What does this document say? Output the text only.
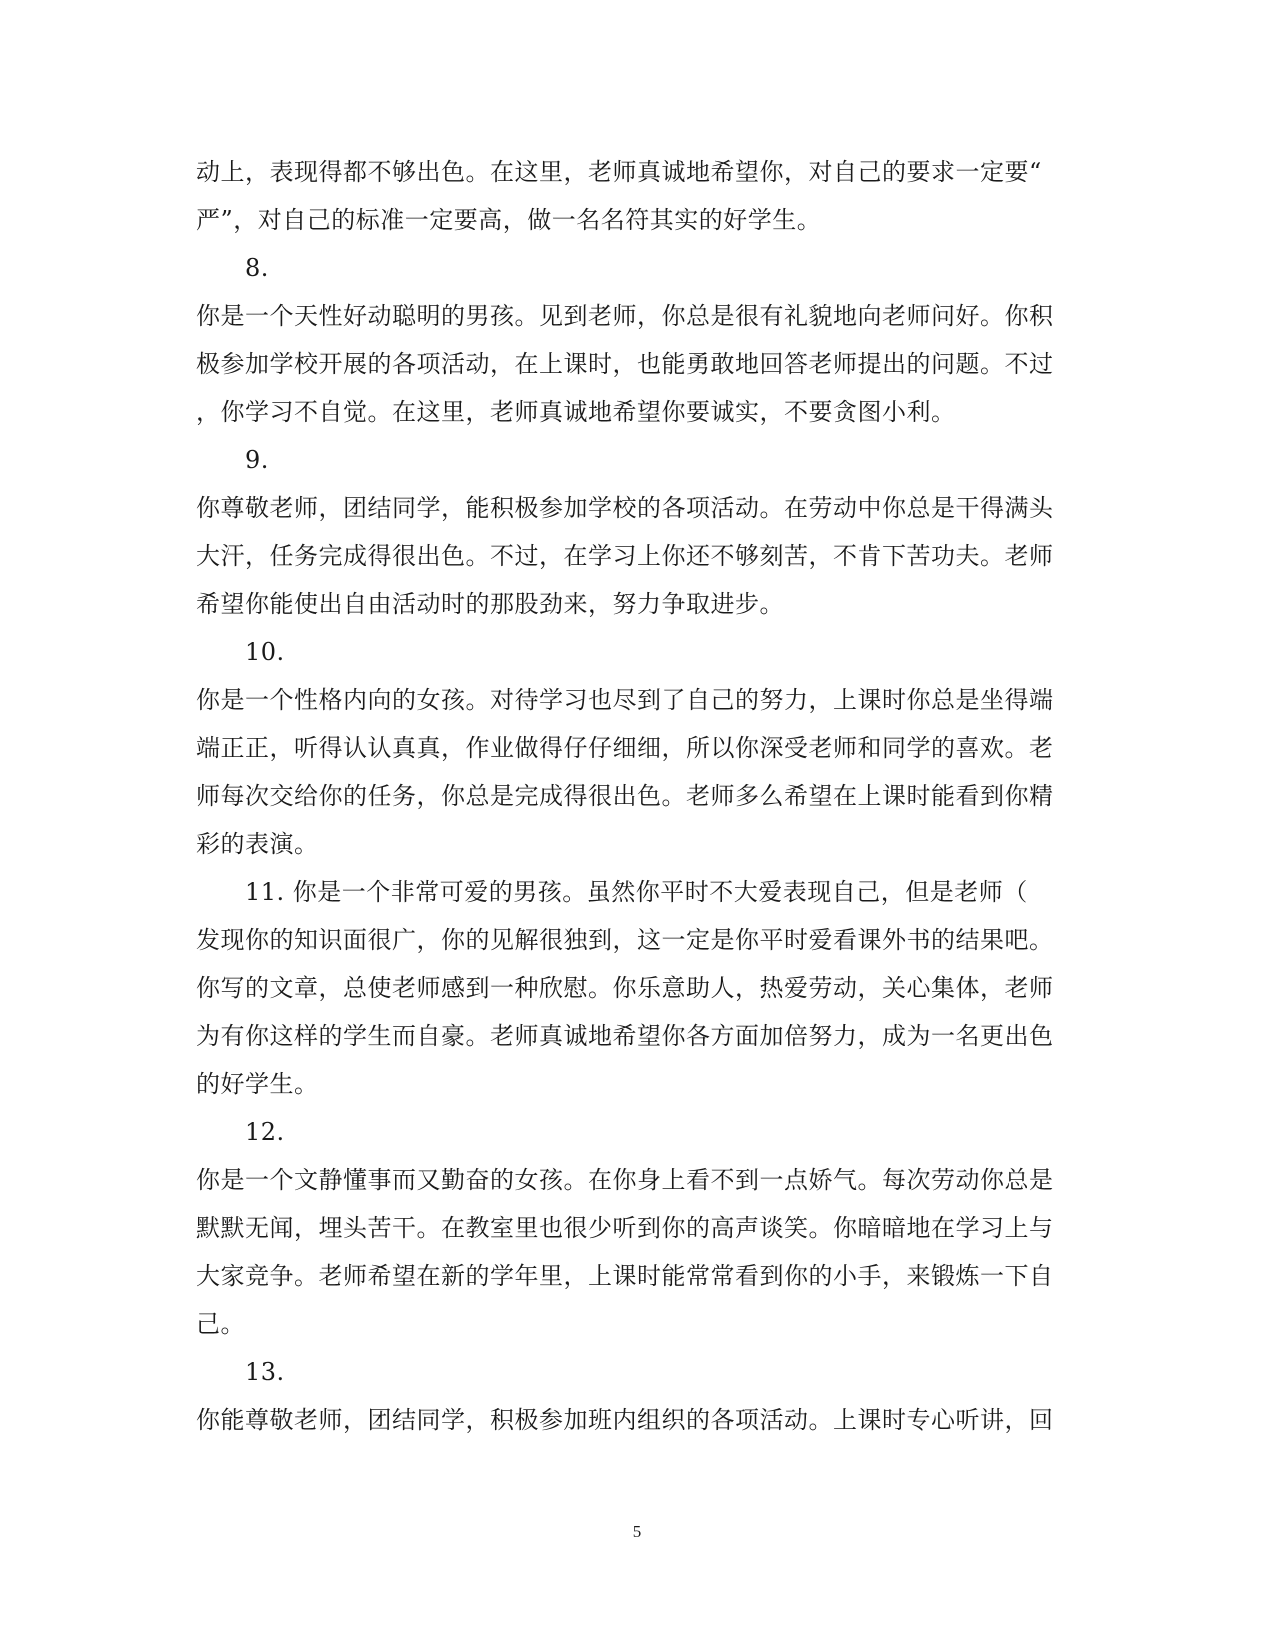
动上，表现得都不够出色。在这里，老师真诚地希望你，对自己的要求一定要“
严”，对自己的标准一定要高，做一名名符其实的好学生。
8.
你是一个天性好动聪明的男孩。见到老师，你总是很有礼貌地向老师问好。你积
极参加学校开展的各项活动，在上课时，也能勇敢地回答老师提出的问题。不过
，你学习不自觉。在这里，老师真诚地希望你要诚实，不要贪图小利。
9.
你尊敬老师，团结同学，能积极参加学校的各项活动。在劳动中你总是干得满头
大汗，任务完成得很出色。不过，在学习上你还不够刻苦，不肯下苦功夫。老师
希望你能使出自由活动时的那股劲来，努力争取进步。
10.
你是一个性格内向的女孩。对待学习也尽到了自己的努力，上课时你总是坐得端
端正正，听得认认真真，作业做得仔仔细细，所以你深受老师和同学的喜欢。老
师每次交给你的任务，你总是完成得很出色。老师多么希望在上课时能看到你精
彩的表演。
11. 你是一个非常可爱的男孩。虽然你平时不大爱表现自己，但是老师（
发现你的知识面很广，你的见解很独到，这一定是你平时爱看课外书的结果吧。
你写的文章，总使老师感到一种欣慰。你乐意助人，热爱劳动，关心集体，老师
为有你这样的学生而自豪。老师真诚地希望你各方面加倍努力，成为一名更出色
的好学生。
12.
你是一个文静懂事而又勤奋的女孩。在你身上看不到一点娇气。每次劳动你总是
默默无闻，埋头苦干。在教室里也很少听到你的高声谈笑。你暗暗地在学习上与
大家竞争。老师希望在新的学年里，上课时能常常看到你的小手，来锻炼一下自
己。
13.
你能尊敬老师，团结同学，积极参加班内组织的各项活动。上课时专心听讲，回
5
